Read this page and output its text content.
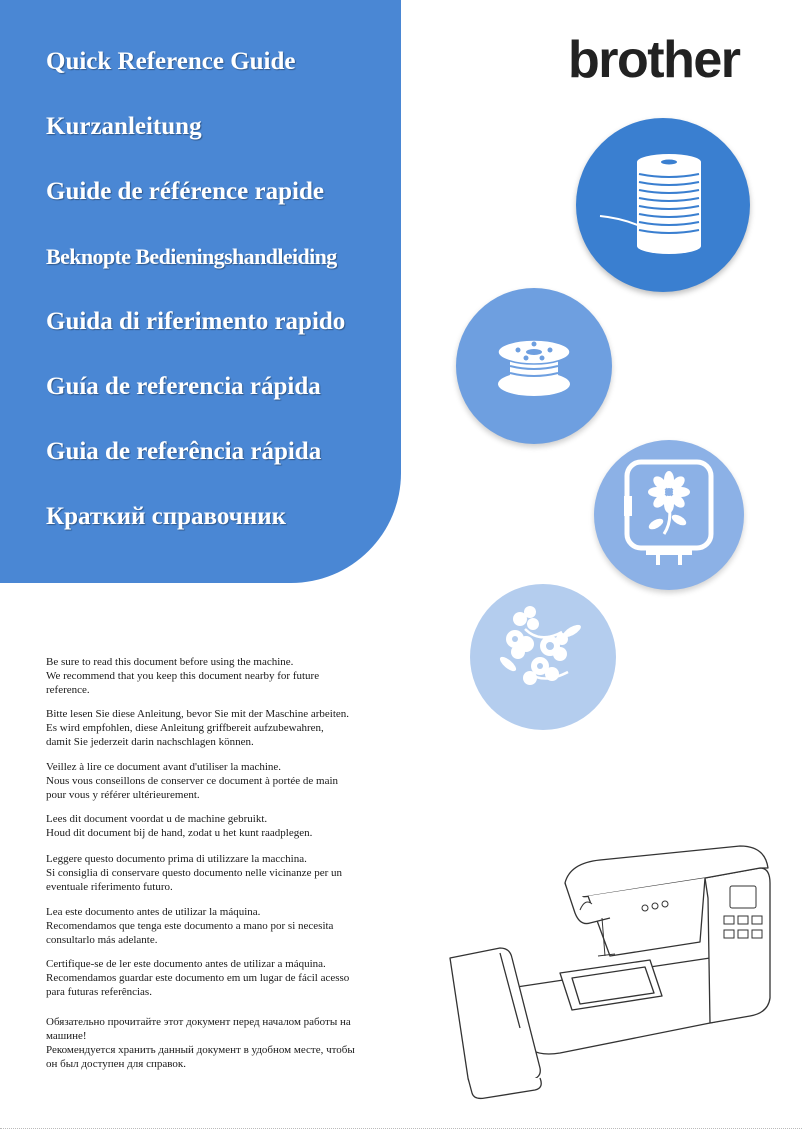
Quick Reference Guide
Kurzanleitung
Guide de référence rapide
Beknopte Bedieningshandleiding
Guida di riferimento rapido
Guía de referencia rápida
Guia de referência rápida
Краткий справочник
brother
Be sure to read this document before using the machine.
We recommend that you keep this document nearby for future
reference.
Bitte lesen Sie diese Anleitung, bevor Sie mit der Maschine arbeiten.
Es wird empfohlen, diese Anleitung griffbereit aufzubewahren,
damit Sie jederzeit darin nachschlagen können.
Veillez à lire ce document avant d'utiliser la machine.
Nous vous conseillons de conserver ce document à portée de main
pour vous y référer ultérieurement.
Lees dit document voordat u de machine gebruikt.
Houd dit document bij de hand, zodat u het kunt raadplegen.
Leggere questo documento prima di utilizzare la macchina.
Si consiglia di conservare questo documento nelle vicinanze per un
eventuale riferimento futuro.
Lea este documento antes de utilizar la máquina.
Recomendamos que tenga este documento a mano por si necesita
consultarlo más adelante.
Certifique-se de ler este documento antes de utilizar a máquina.
Recomendamos guardar este documento em um lugar de fácil acesso
para futuras referências.
Обязательно прочитайте этот документ перед началом работы на
машине!
Рекомендуется хранить данный документ в удобном месте, чтобы
он был доступен для справок.
